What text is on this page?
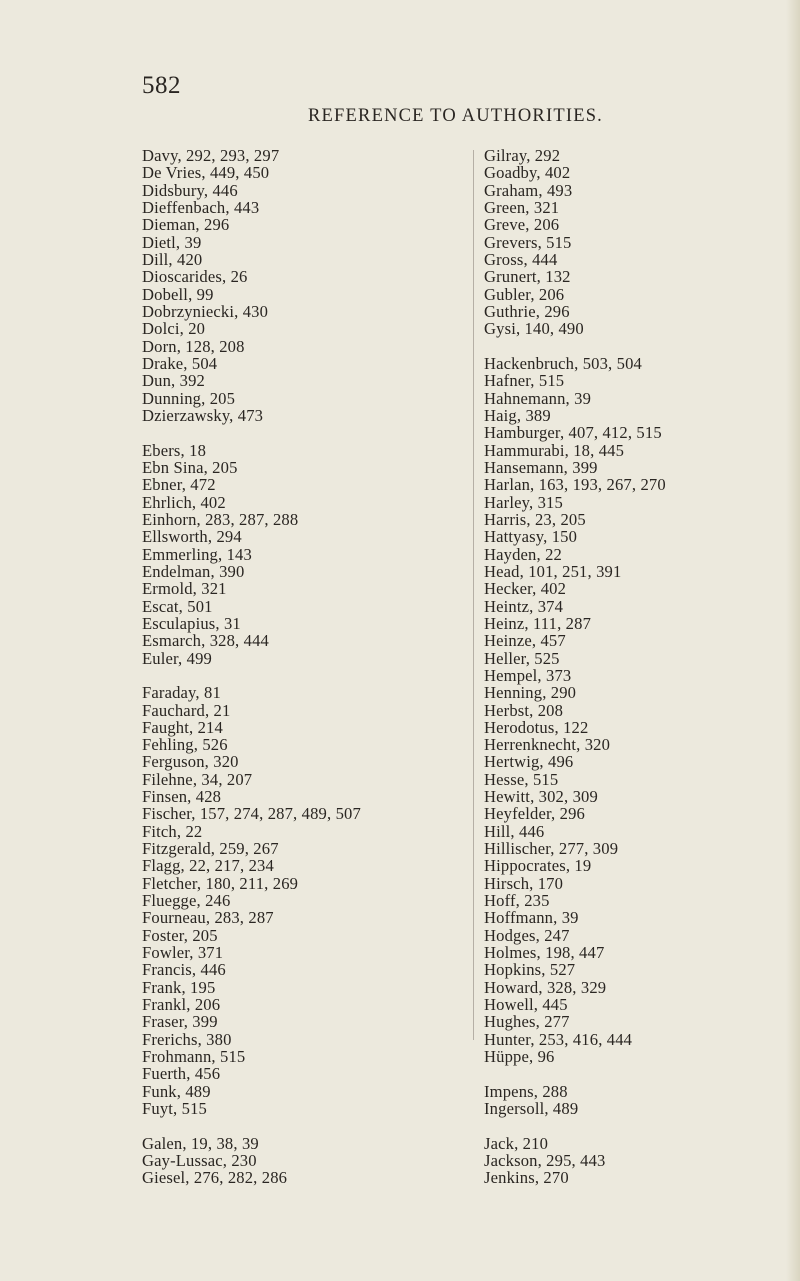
582
REFERENCE TO AUTHORITIES.
Davy, 292, 293, 297
De Vries, 449, 450
Didsbury, 446
Dieffenbach, 443
Dieman, 296
Dietl, 39
Dill, 420
Dioscarides, 26
Dobell, 99
Dobrzyniecki, 430
Dolci, 20
Dorn, 128, 208
Drake, 504
Dun, 392
Dunning, 205
Dzierzawsky, 473
Ebers, 18
Ebn Sina, 205
Ebner, 472
Ehrlich, 402
Einhorn, 283, 287, 288
Ellsworth, 294
Emmerling, 143
Endelman, 390
Ermold, 321
Escat, 501
Esculapius, 31
Esmarch, 328, 444
Euler, 499
Faraday, 81
Fauchard, 21
Faught, 214
Fehling, 526
Ferguson, 320
Filehne, 34, 207
Finsen, 428
Fischer, 157, 274, 287, 489, 507
Fitch, 22
Fitzgerald, 259, 267
Flagg, 22, 217, 234
Fletcher, 180, 211, 269
Fluegge, 246
Fourneau, 283, 287
Foster, 205
Fowler, 371
Francis, 446
Frank, 195
Frankl, 206
Fraser, 399
Frerichs, 380
Frohmann, 515
Fuerth, 456
Funk, 489
Fuyt, 515
Galen, 19, 38, 39
Gay-Lussac, 230
Giesel, 276, 282, 286
Gilray, 292
Goadby, 402
Graham, 493
Green, 321
Greve, 206
Grevers, 515
Gross, 444
Grunert, 132
Gubler, 206
Guthrie, 296
Gysi, 140, 490
Hackenbruch, 503, 504
Hafner, 515
Hahnemann, 39
Haig, 389
Hamburger, 407, 412, 515
Hammurabi, 18, 445
Hansemann, 399
Harlan, 163, 193, 267, 270
Harley, 315
Harris, 23, 205
Hattyasy, 150
Hayden, 22
Head, 101, 251, 391
Hecker, 402
Heintz, 374
Heinz, 111, 287
Heinze, 457
Heller, 525
Hempel, 373
Henning, 290
Herbst, 208
Herodotus, 122
Herrenknecht, 320
Hertwig, 496
Hesse, 515
Hewitt, 302, 309
Heyfelder, 296
Hill, 446
Hillischer, 277, 309
Hippocrates, 19
Hirsch, 170
Hoff, 235
Hoffmann, 39
Hodges, 247
Holmes, 198, 447
Hopkins, 527
Howard, 328, 329
Howell, 445
Hughes, 277
Hunter, 253, 416, 444
Hüppe, 96
Impens, 288
Ingersoll, 489
Jack, 210
Jackson, 295, 443
Jenkins, 270
